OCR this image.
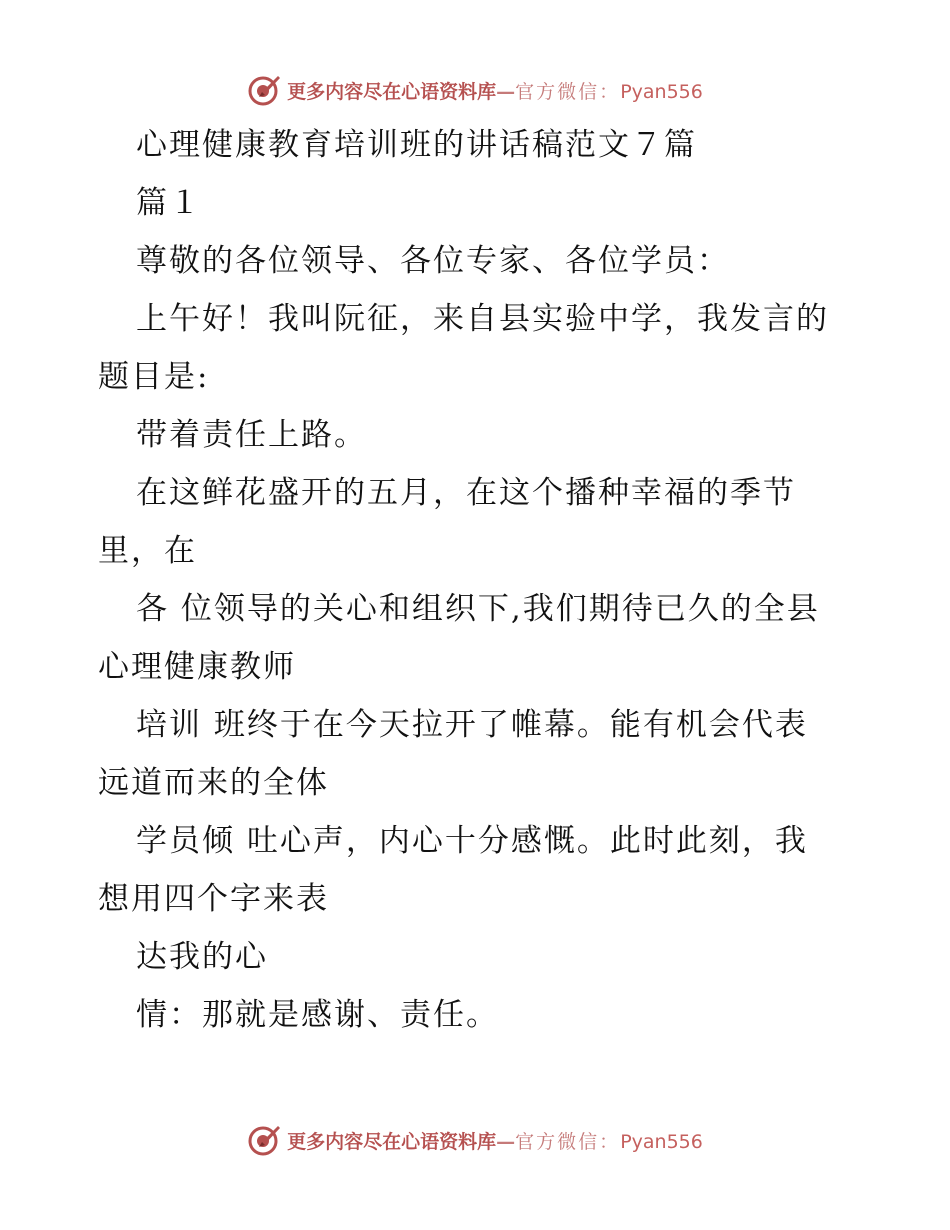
更多内容尽在心语资料库—官方微信：Pyan556

心理健康教育培训班的讲话稿范文７篇

篇１

尊敬的各位领导、各位专家、各位学员：

上午好！我叫阮征，来自县实验中学，我发言的
题目是:

带着责任上路。

在这鲜花盛开的五月，在这个播种幸福的季节
里，在

各 位领导的关心和组织下,我们期待已久的全县
心理健康教师

培训 班终于在今天拉开了帷幕。能有机会代表
远道而来的全体

学员倾 吐心声，内心十分感慨。此时此刻，我
想用四个字来表

达我的心

情：那就是感谢、责任。

更多内容尽在心语资料库—官方微信：Pyan556
